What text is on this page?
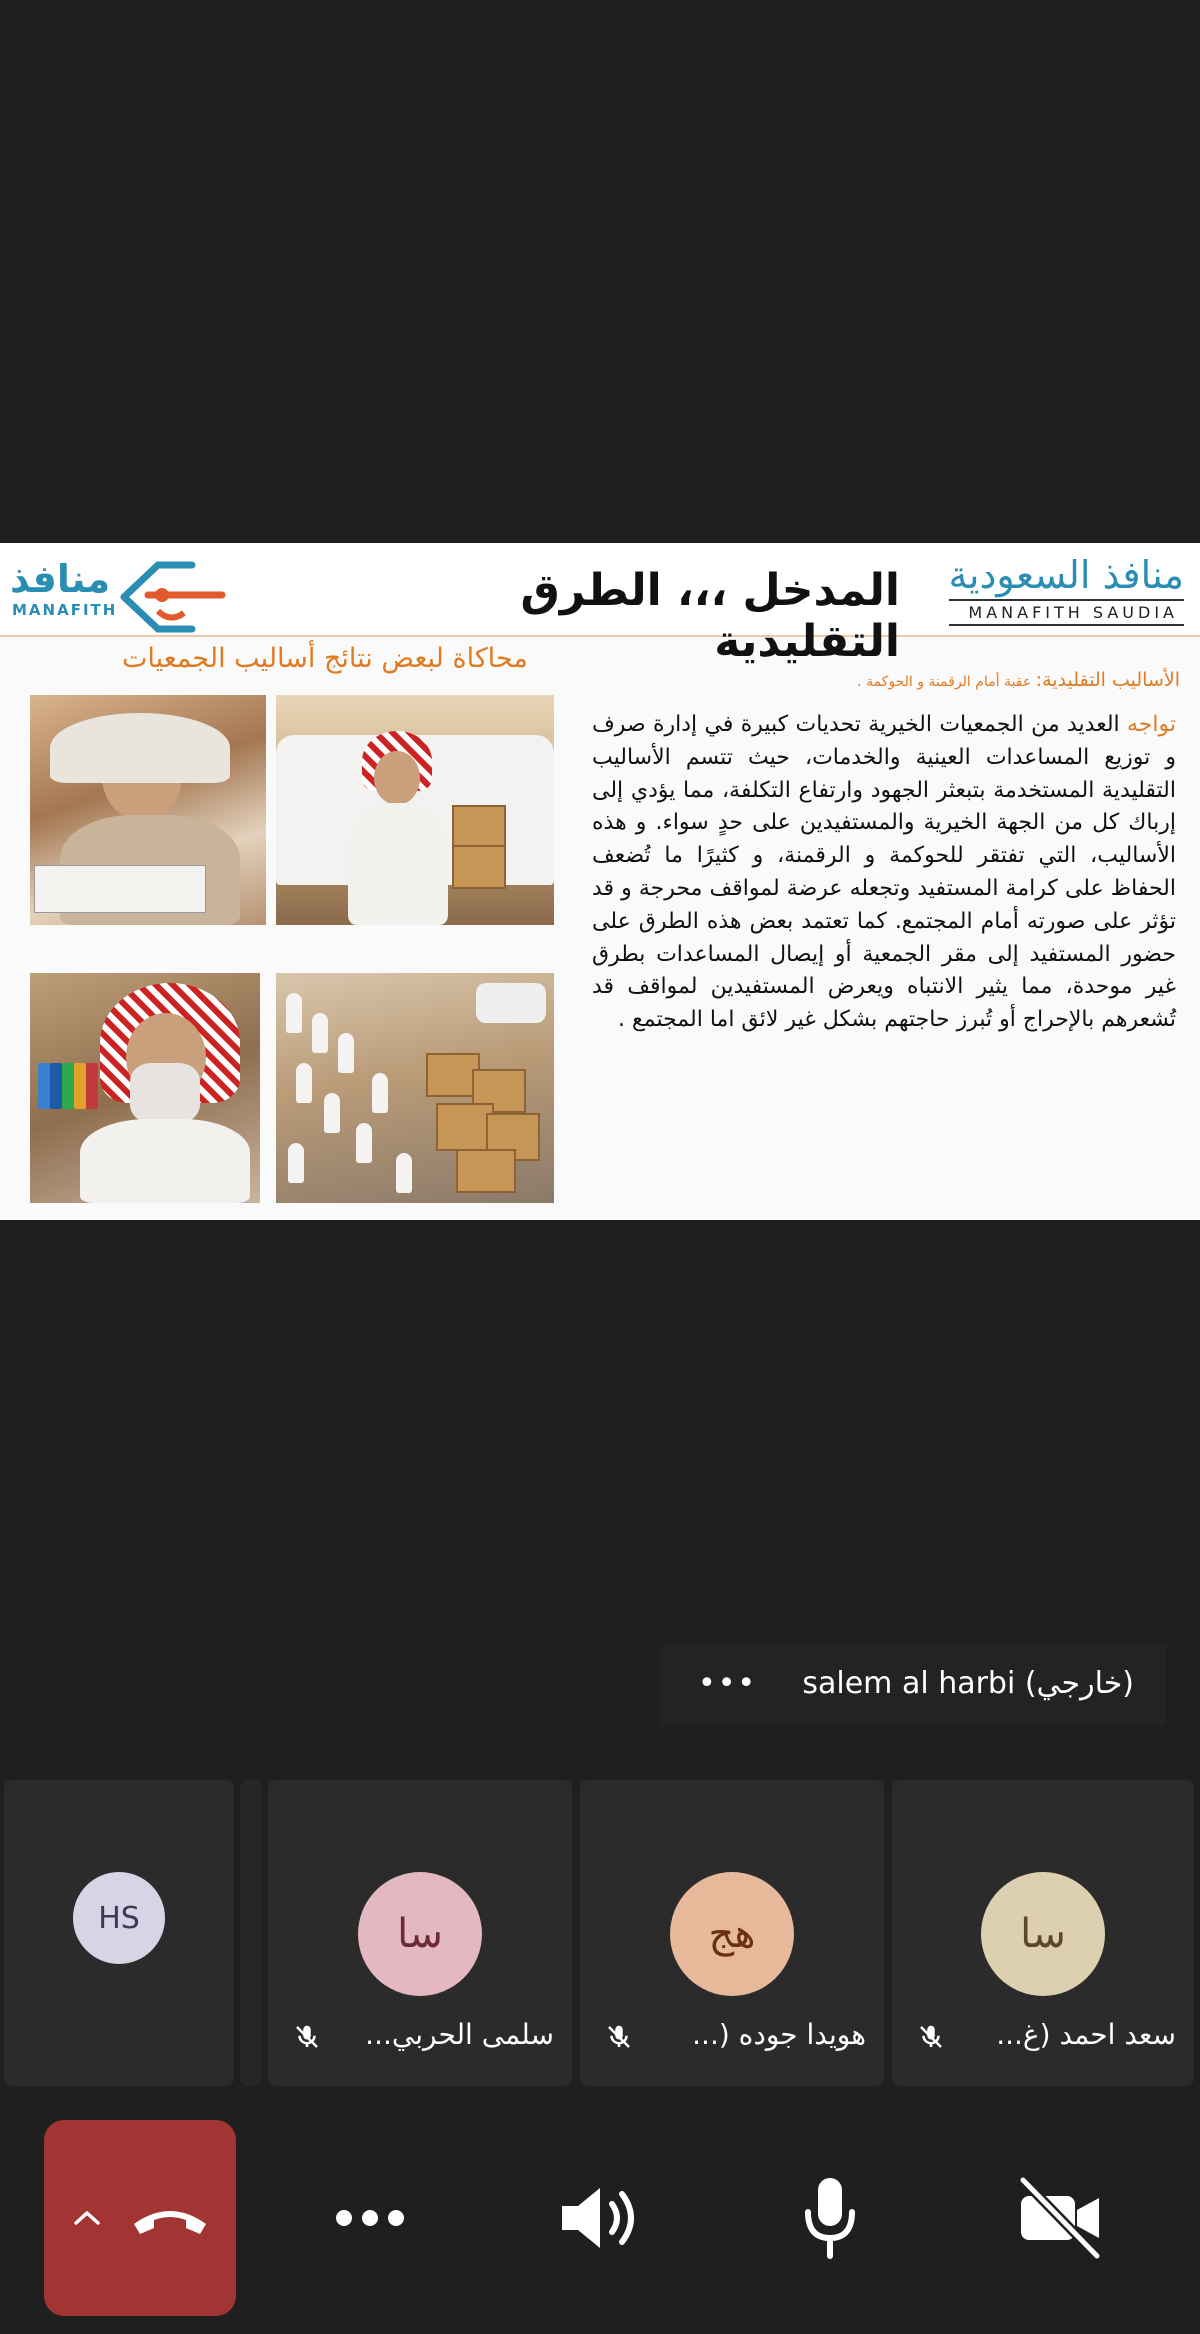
منافذ السعودية
MANAFITH SAUDIA
المدخل ،،، الطرق التقليدية
منافذ
MANAFITH
محاكاة لبعض نتائج أساليب الجمعيات
الأساليب التقليدية: عقبة أمام الرقمنة و الحوكمة .
تواجه العديد من الجمعيات الخيرية تحديات كبيرة في إدارة صرف و توزيع المساعدات العينية والخدمات، حيث تتسم الأساليب التقليدية المستخدمة بتبعثر الجهود وارتفاع التكلفة، مما يؤدي إلى إرباك كل من الجهة الخيرية والمستفيدين على حدٍ سواء. و هذه الأساليب، التي تفتقر للحوكمة و الرقمنة، و كثيرًا ما تُضعف الحفاظ على كرامة المستفيد وتجعله عرضة لمواقف محرجة و قد تؤثر على صورته أمام المجتمع. كما تعتمد بعض هذه الطرق على حضور المستفيد إلى مقر الجمعية أو إيصال المساعدات بطرق غير موحدة، مما يثير الانتباه ويعرض المستفيدين لمواقف قد تُشعرهم بالإحراج أو تُبرز حاجتهم بشكل غير لائق اما المجتمع .
••• salem al harbi (خارجي)
سا
سعد احمد (غ...
هج
هويدا جوده (...
سا
سلمى الحربي...
HS
